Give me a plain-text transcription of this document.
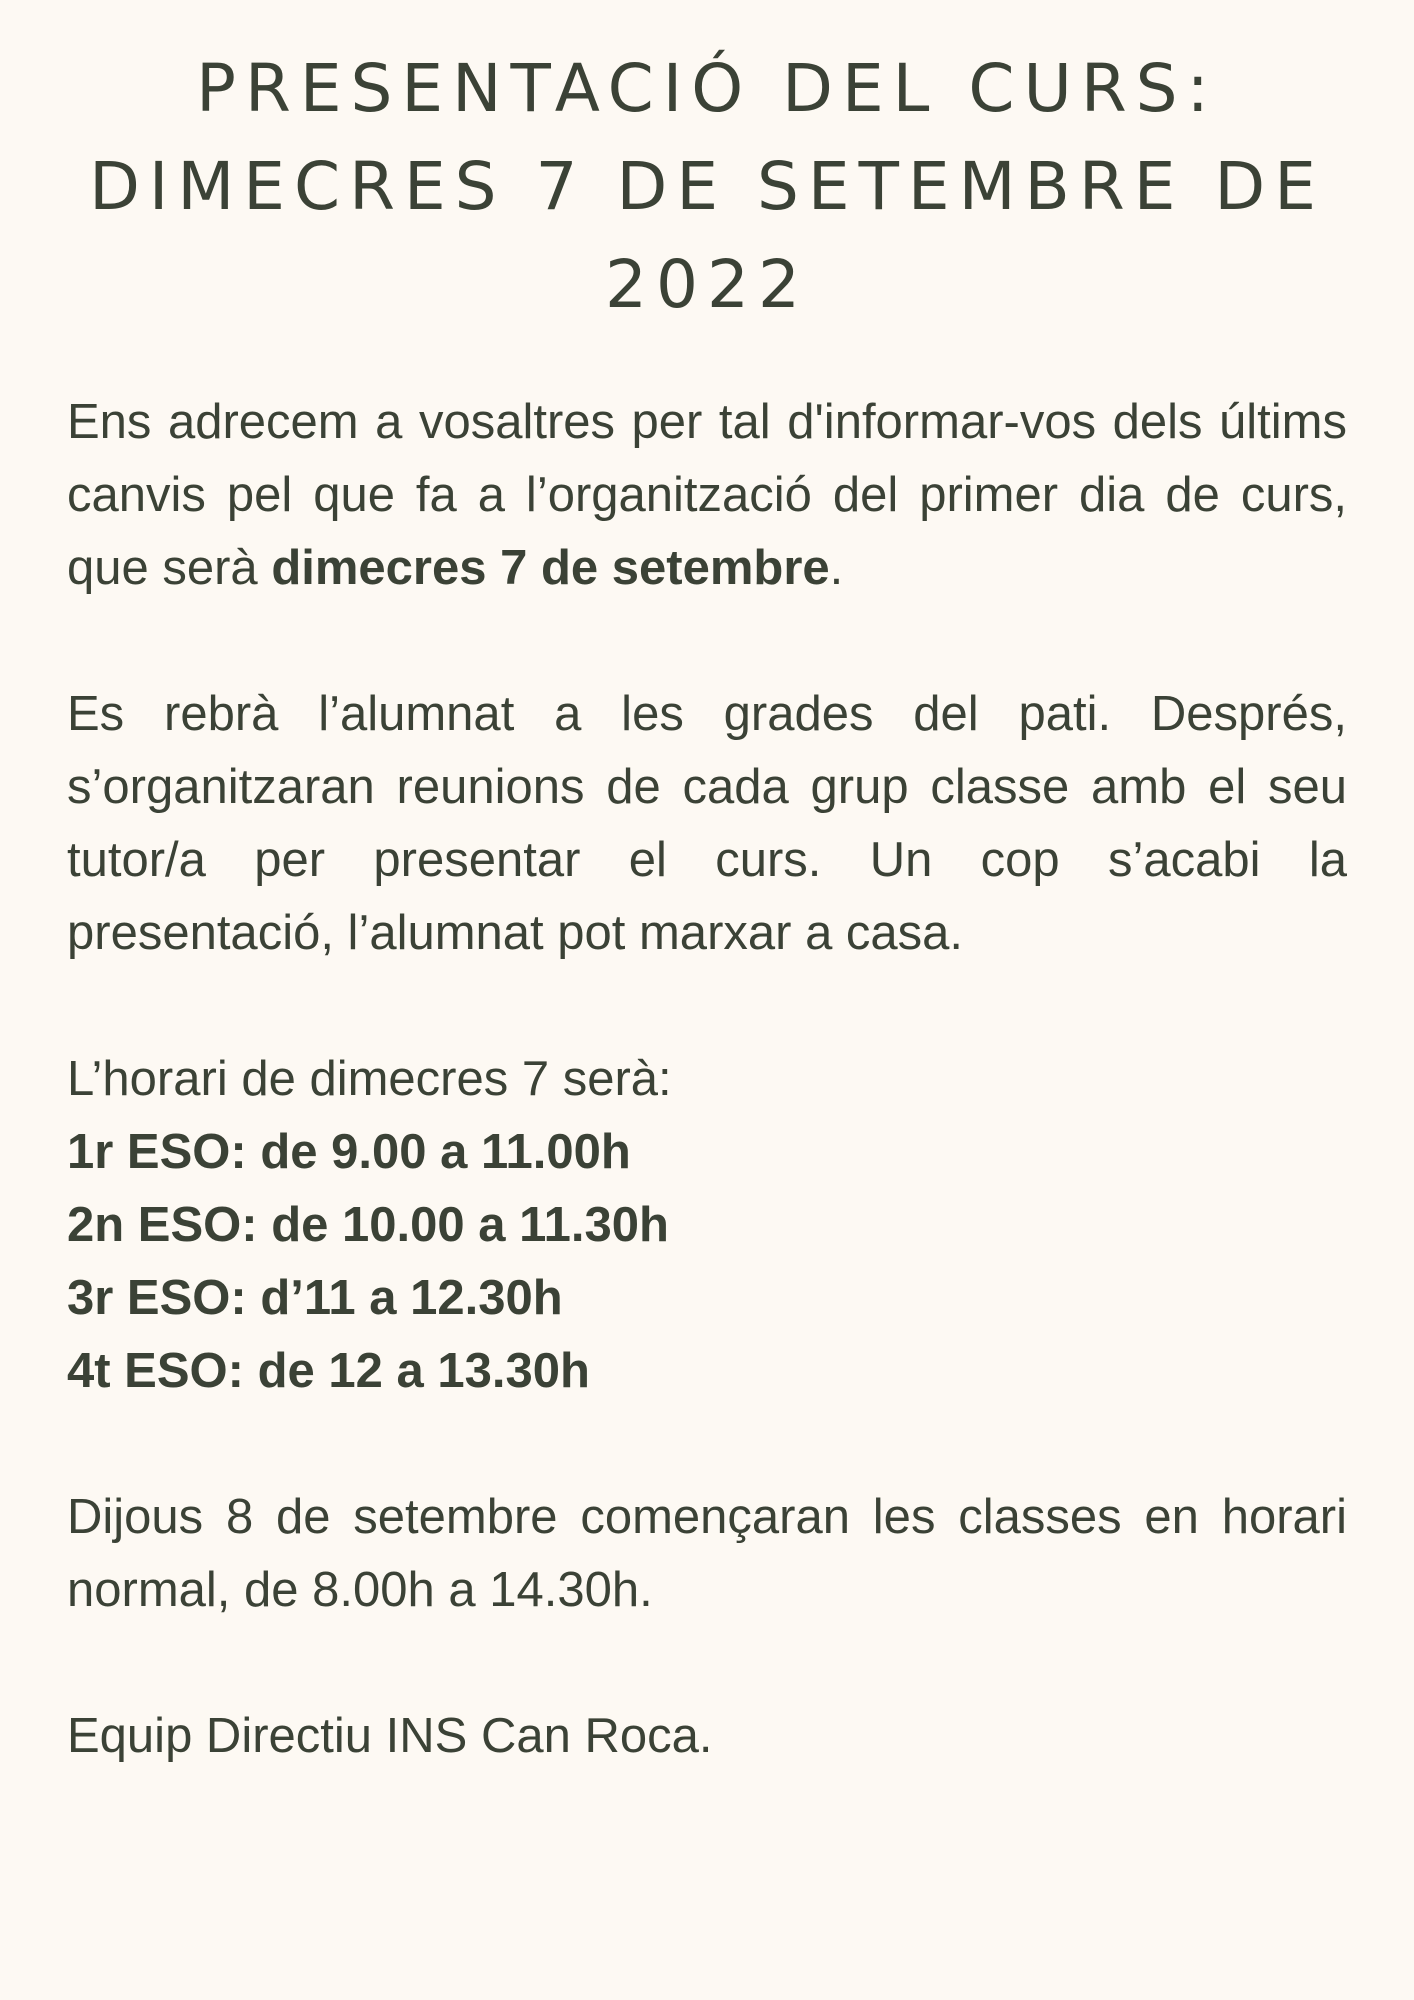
PRESENTACIÓ DEL CURS:
DIMECRES 7 DE SETEMBRE DE
2022

Ens adrecem a vosaltres per tal d'informar-vos dels últims canvis pel que fa a l’organització del primer dia de curs, que serà dimecres 7 de setembre.

Es rebrà l’alumnat a les grades del pati. Després, s’organitzaran reunions de cada grup classe amb el seu tutor/a per presentar el curs. Un cop s’acabi la presentació, l’alumnat pot marxar a casa.

L’horari de dimecres 7 serà:

1r ESO: de 9.00 a 11.00h
2n ESO: de 10.00 a 11.30h
3r ESO: d’11 a 12.30h
4t ESO: de 12 a 13.30h

Dijous 8 de setembre començaran les classes en horari normal, de 8.00h a 14.30h.

Equip Directiu INS Can Roca.
